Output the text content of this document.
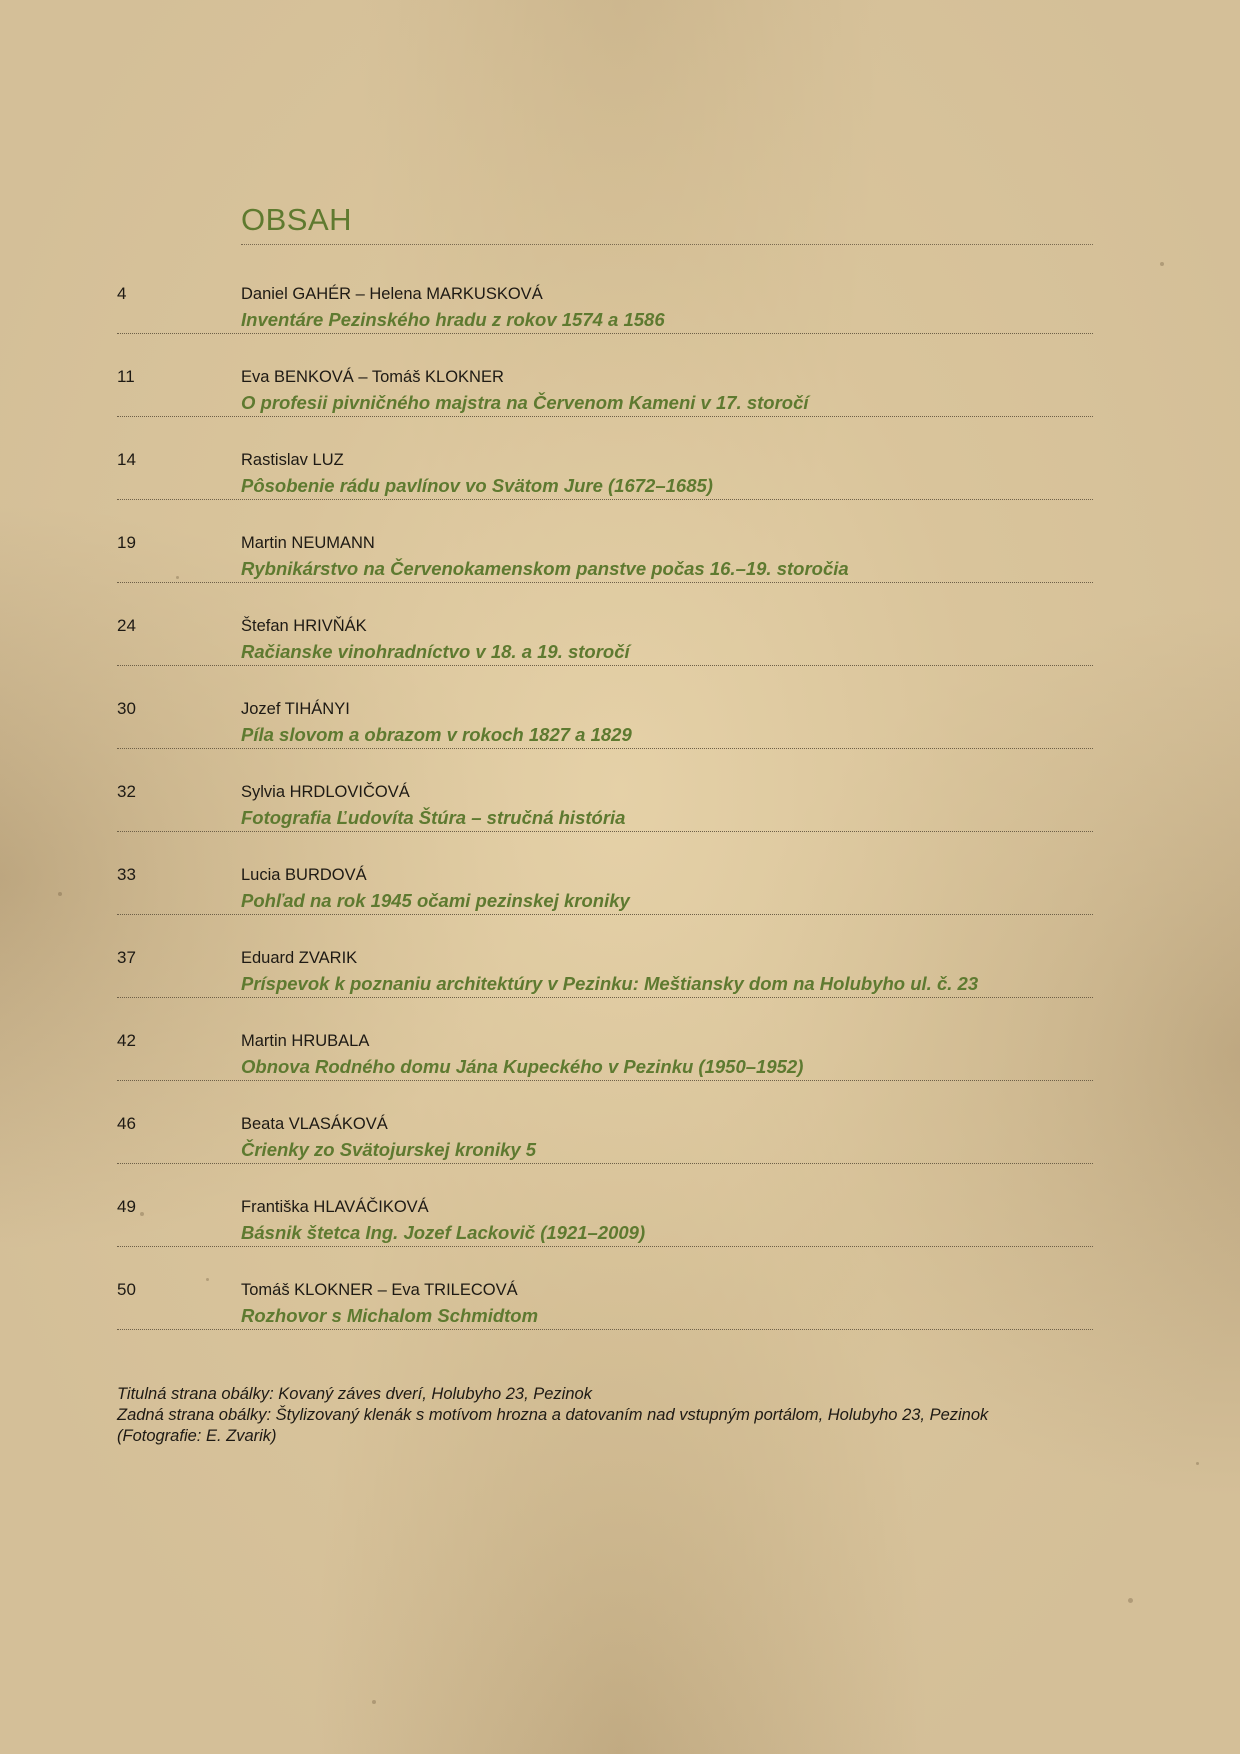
OBSAH
4	Daniel GAHÉR – Helena MARKUSKOVÁ
Inventáre Pezinského hradu z rokov 1574 a 1586
11	Eva BENKOVÁ – Tomáš KLOKNER
O profesii pivničného majstra na Červenom Kameni v 17. storočí
14	Rastislav LUZ
Pôsobenie rádu pavlínov vo Svätom Jure (1672–1685)
19	Martin NEUMANN
Rybnikárstvo na Červenokamenskom panstve počas 16.–19. storočia
24	Štefan HRIVŇÁK
Račianske vinohradníctvo v 18. a 19. storočí
30	Jozef TIHÁNYI
Píla slovom a obrazom v rokoch 1827 a 1829
32	Sylvia HRDLOVIČOVÁ
Fotografia Ľudovíta Štúra – stručná história
33	Lucia BURDOVÁ
Pohľad na rok 1945 očami pezinskej kroniky
37	Eduard ZVARIK
Príspevok k poznaniu architektúry v Pezinku: Meštiansky dom na Holubyho ul. č. 23
42	Martin HRUBALA
Obnova Rodného domu Jána Kupeckého v Pezinku (1950–1952)
46	Beata VLASÁKOVÁ
Črienky zo Svätojurskej kroniky 5
49	Františka HLAVÁČIKOVÁ
Básnik štetca Ing. Jozef Lackovič (1921–2009)
50	Tomáš KLOKNER – Eva TRILECOVÁ
Rozhovor s Michalom Schmidtom

Titulná strana obálky: Kovaný záves dverí, Holubyho 23, Pezinok

Zadná strana obálky: Štylizovaný klenák s motívom hrozna a datovaním nad vstupným portálom, Holubyho 23, Pezinok

(Fotografie: E. Zvarik)
